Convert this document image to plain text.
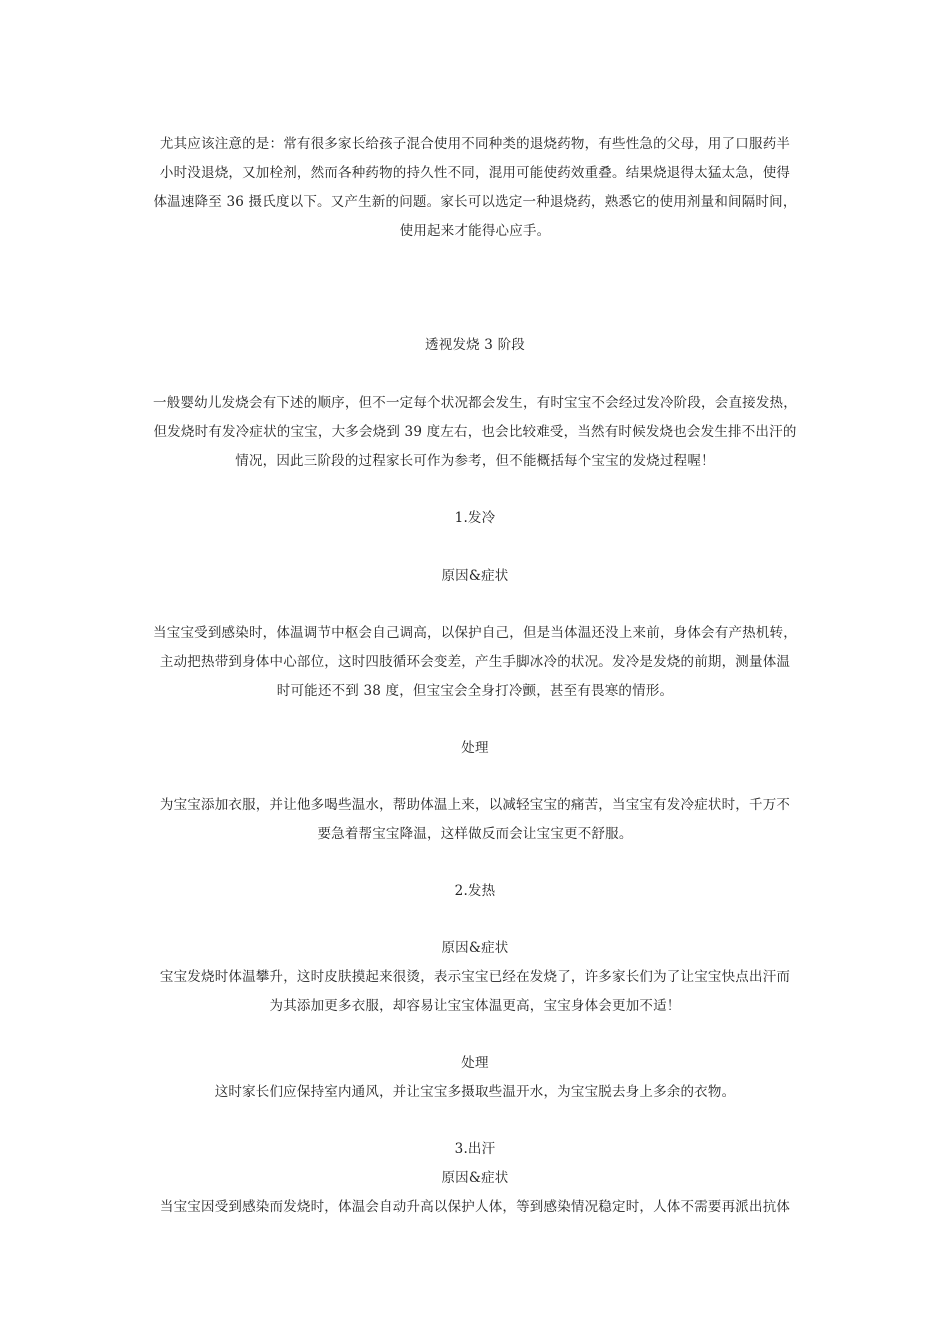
尤其应该注意的是：常有很多家长给孩子混合使用不同种类的退烧药物，有些性急的父母，用了口服药半
小时没退烧，又加栓剂，然而各种药物的持久性不同，混用可能使药效重叠。结果烧退得太猛太急，使得
体温速降至 36 摄氏度以下。又产生新的问题。家长可以选定一种退烧药，熟悉它的使用剂量和间隔时间，
使用起来才能得心应手。
透视发烧 3 阶段
一般婴幼儿发烧会有下述的顺序，但不一定每个状况都会发生，有时宝宝不会经过发冷阶段，会直接发热，
但发烧时有发冷症状的宝宝，大多会烧到 39 度左右，也会比较难受，当然有时候发烧也会发生排不出汗的
情况，因此三阶段的过程家长可作为参考，但不能概括每个宝宝的发烧过程喔！
1.发冷
原因&症状
当宝宝受到感染时，体温调节中枢会自己调高，以保护自己，但是当体温还没上来前，身体会有产热机转，
主动把热带到身体中心部位，这时四肢循环会变差，产生手脚冰冷的状况。发冷是发烧的前期，测量体温
时可能还不到 38 度，但宝宝会全身打冷颤，甚至有畏寒的情形。
处理
为宝宝添加衣服，并让他多喝些温水，帮助体温上来，以减轻宝宝的痛苦，当宝宝有发冷症状时，千万不
要急着帮宝宝降温，这样做反而会让宝宝更不舒服。
2.发热
原因&症状
宝宝发烧时体温攀升，这时皮肤摸起来很烫，表示宝宝已经在发烧了，许多家长们为了让宝宝快点出汗而
为其添加更多衣服，却容易让宝宝体温更高，宝宝身体会更加不适！
处理
这时家长们应保持室内通风，并让宝宝多摄取些温开水，为宝宝脱去身上多余的衣物。
3.出汗
原因&症状
当宝宝因受到感染而发烧时，体温会自动升高以保护人体，等到感染情况稳定时，人体不需要再派出抗体
